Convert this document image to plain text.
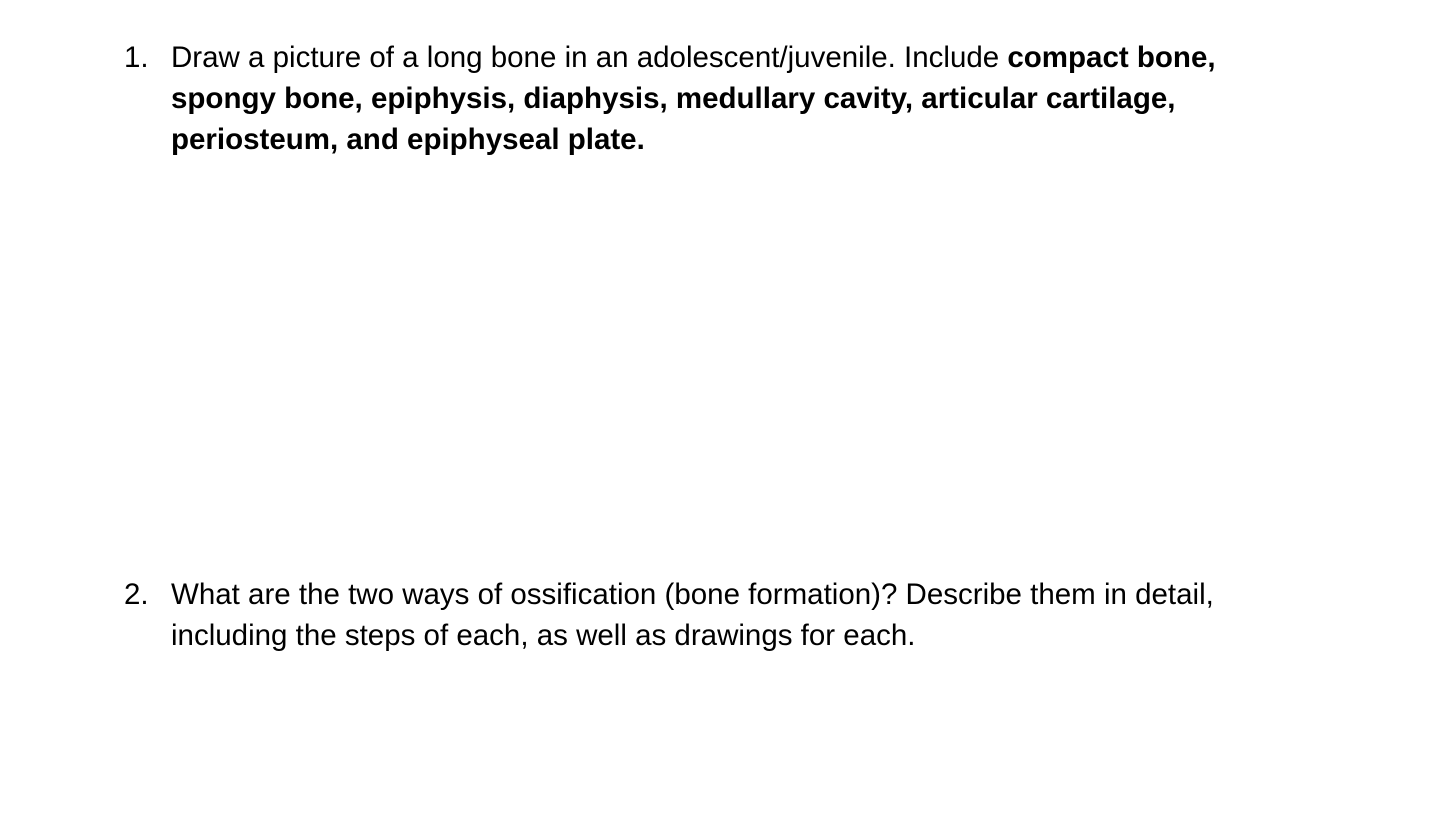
1. Draw a picture of a long bone in an adolescent/juvenile. Include compact bone, spongy bone, epiphysis, diaphysis, medullary cavity, articular cartilage, periosteum, and epiphyseal plate.
2. What are the two ways of ossification (bone formation)? Describe them in detail, including the steps of each, as well as drawings for each.
